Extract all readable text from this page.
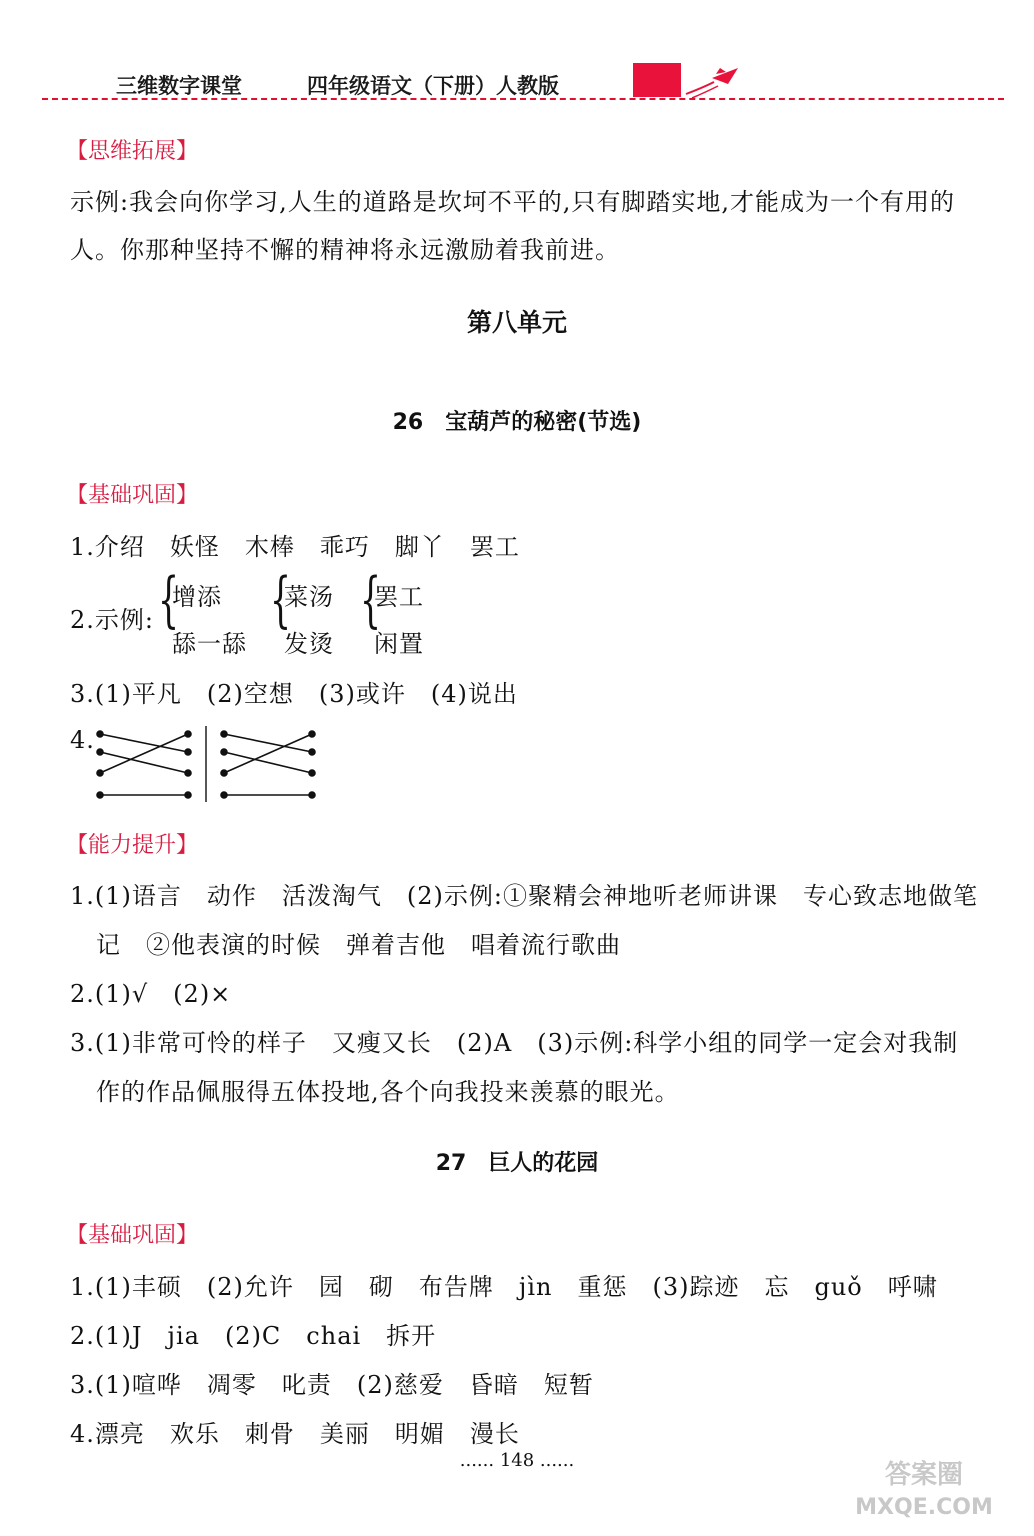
三维数字课堂	四年级语文（下册）人教版
【思维拓展】
示例:我会向你学习,人生的道路是坎坷不平的,只有脚踏实地,才能成为一个有用的
人。你那种坚持不懈的精神将永远激励着我前进。
第八单元
26　宝葫芦的秘密(节选)
【基础巩固】
1.介绍　妖怪　木棒　乖巧　脚丫　罢工
2.示例: {
增添
舔一舔
{
菜汤
发烫
{
罢工
闲置
3.(1)平凡　(2)空想　(3)或许　(4)说出
4.
【能力提升】
1.(1)语言　动作　活泼淘气　(2)示例:①聚精会神地听老师讲课　专心致志地做笔
记　②他表演的时候　弹着吉他　唱着流行歌曲
2.(1)√　(2)×
3.(1)非常可怜的样子　又瘦又长　(2)A　(3)示例:科学小组的同学一定会对我制
作的作品佩服得五体投地,各个向我投来羡慕的眼光。
27　巨人的花园
【基础巩固】
1.(1)丰硕　(2)允许　园　砌　布告牌　jìn　重惩　(3)踪迹　忘　guǒ　呼啸
2.(1)J　jia　(2)C　chai　拆开
3.(1)喧哗　凋零　叱责　(2)慈爱　昏暗　短暂
4.漂亮　欢乐　刺骨　美丽　明媚　漫长
...... 148 ......	答案圈
MXQE.COM
